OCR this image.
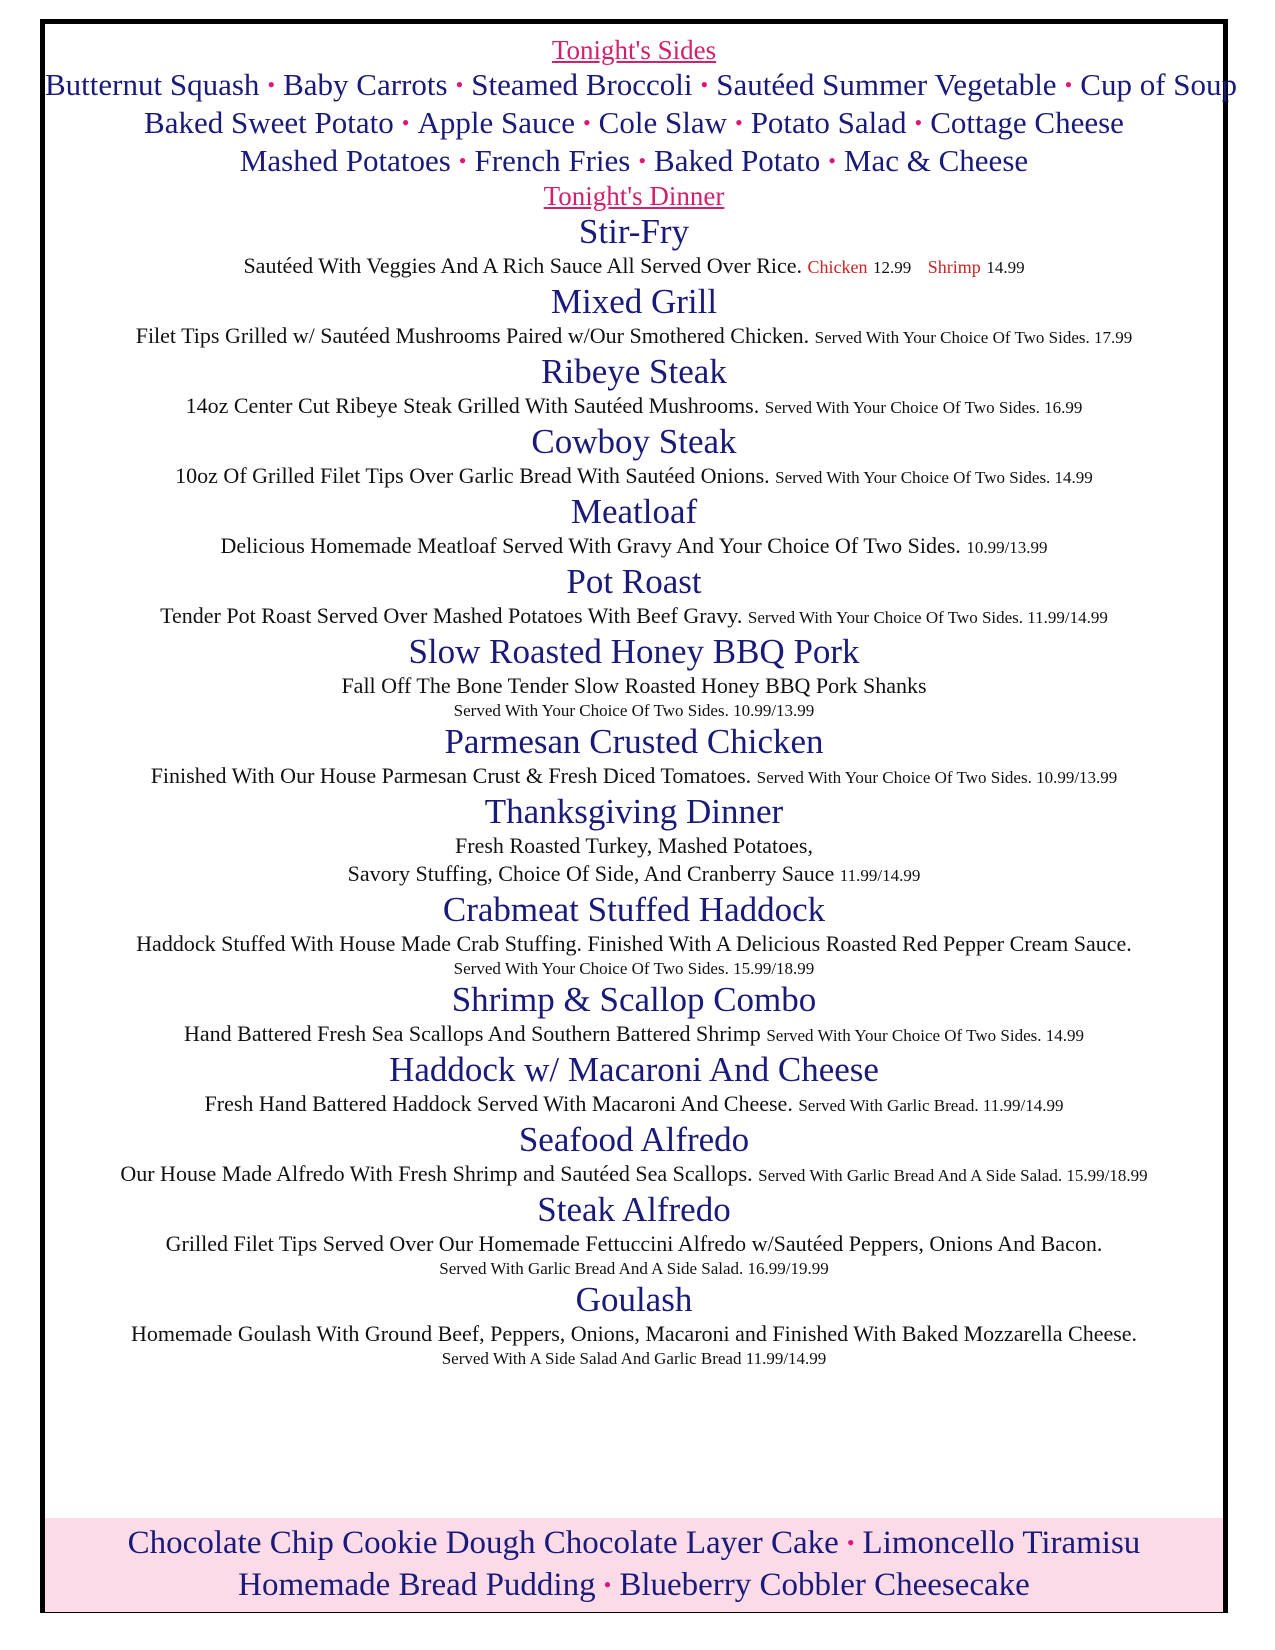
Tonight's Sides
Butternut Squash • Baby Carrots • Steamed Broccoli • Sautéed Summer Vegetable • Cup of Soup
Baked Sweet Potato • Apple Sauce • Cole Slaw • Potato Salad • Cottage Cheese
Mashed Potatoes • French Fries • Baked Potato • Mac & Cheese
Tonight's Dinner
Stir-Fry
Sautéed With Veggies And A Rich Sauce All Served Over Rice. Chicken 12.99 Shrimp 14.99
Mixed Grill
Filet Tips Grilled w/ Sautéed Mushrooms Paired w/Our Smothered Chicken. Served With Your Choice Of Two Sides. 17.99
Ribeye Steak
14oz Center Cut Ribeye Steak Grilled With Sautéed Mushrooms. Served With Your Choice Of Two Sides. 16.99
Cowboy Steak
10oz Of Grilled Filet Tips Over Garlic Bread With Sautéed Onions. Served With Your Choice Of Two Sides. 14.99
Meatloaf
Delicious Homemade Meatloaf Served With Gravy And Your Choice Of Two Sides. 10.99/13.99
Pot Roast
Tender Pot Roast Served Over Mashed Potatoes With Beef Gravy. Served With Your Choice Of Two Sides. 11.99/14.99
Slow Roasted Honey BBQ Pork
Fall Off The Bone Tender Slow Roasted Honey BBQ Pork Shanks
Served With Your Choice Of Two Sides. 10.99/13.99
Parmesan Crusted Chicken
Finished With Our House Parmesan Crust & Fresh Diced Tomatoes. Served With Your Choice Of Two Sides. 10.99/13.99
Thanksgiving Dinner
Fresh Roasted Turkey, Mashed Potatoes,
Savory Stuffing, Choice Of Side, And Cranberry Sauce 11.99/14.99
Crabmeat Stuffed Haddock
Haddock Stuffed With House Made Crab Stuffing. Finished With A Delicious Roasted Red Pepper Cream Sauce.
Served With Your Choice Of Two Sides. 15.99/18.99
Shrimp & Scallop Combo
Hand Battered Fresh Sea Scallops And Southern Battered Shrimp Served With Your Choice Of Two Sides. 14.99
Haddock w/ Macaroni And Cheese
Fresh Hand Battered Haddock Served With Macaroni And Cheese. Served With Garlic Bread. 11.99/14.99
Seafood Alfredo
Our House Made Alfredo With Fresh Shrimp and Sautéed Sea Scallops. Served With Garlic Bread And A Side Salad. 15.99/18.99
Steak Alfredo
Grilled Filet Tips Served Over Our Homemade Fettuccini Alfredo w/Sautéed Peppers, Onions And Bacon.
Served With Garlic Bread And A Side Salad. 16.99/19.99
Goulash
Homemade Goulash With Ground Beef, Peppers, Onions, Macaroni and Finished With Baked Mozzarella Cheese.
Served With A Side Salad And Garlic Bread 11.99/14.99
Chocolate Chip Cookie Dough Chocolate Layer Cake • Limoncello Tiramisu
Homemade Bread Pudding • Blueberry Cobbler Cheesecake
